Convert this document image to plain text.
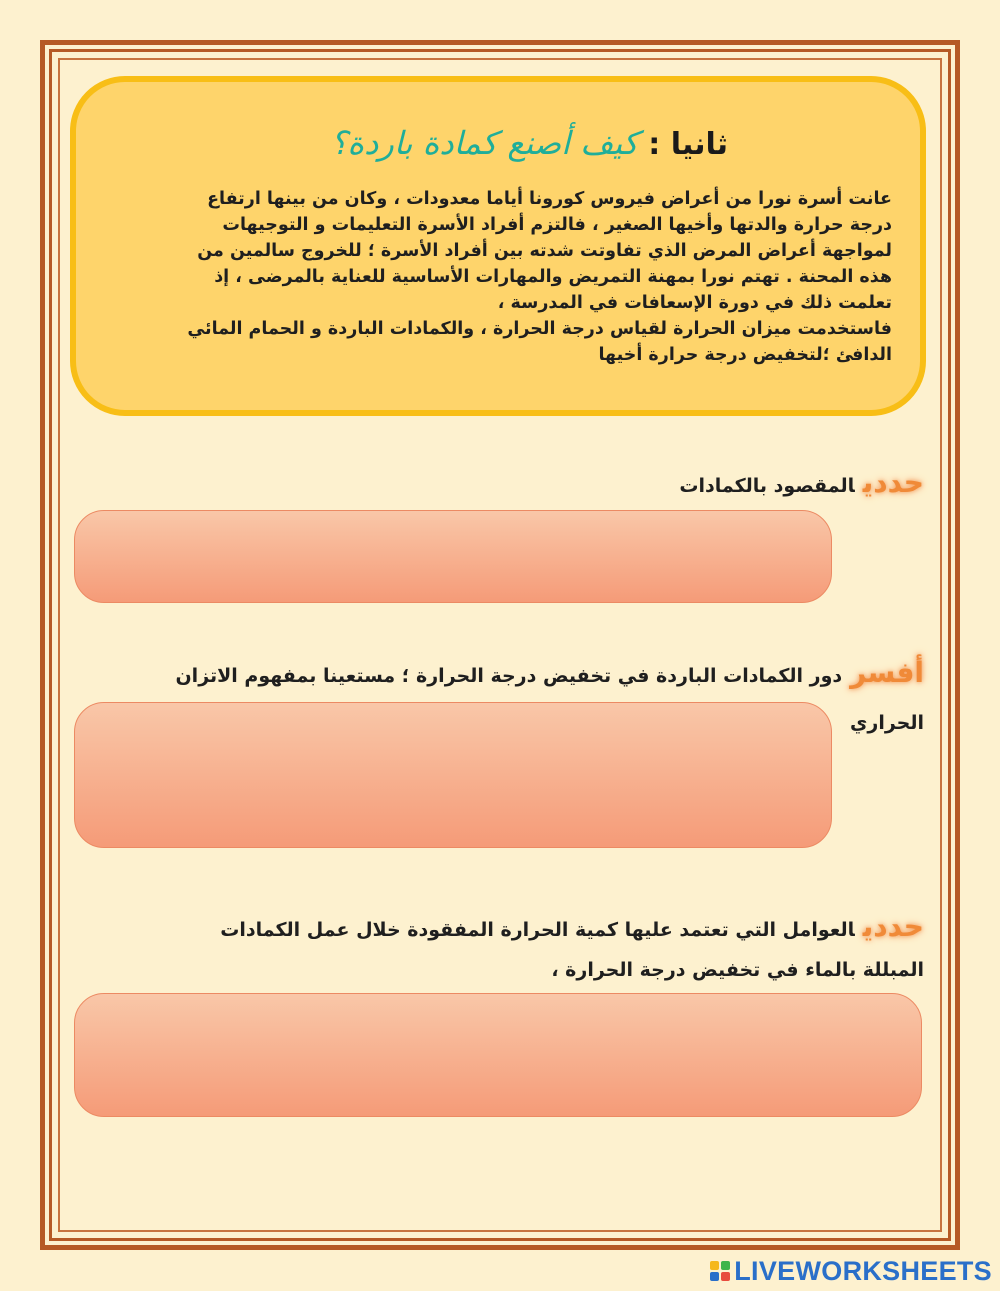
ثانيا :كيف أصنع كمادة باردة؟
عانت أسرة نورا من أعراض فيروس كورونا أياما معدودات ، وكان من بينها ارتفاع
درجة حرارة والدتها وأخيها الصغير ، فالتزم أفراد الأسرة التعليمات و التوجيهات
لمواجهة أعراض المرض الذي تفاوتت شدته بين أفراد الأسرة ؛ للخروج سالمين من
هذه المحنة . تهتم نورا بمهنة التمريض والمهارات الأساسية للعناية بالمرضى ، إذ
تعلمت ذلك في دورة الإسعافات في المدرسة ،
فاستخدمت ميزان الحرارة لقياس درجة الحرارة ، والكمادات الباردة و الحمام المائي
الدافئ ؛لتخفيض درجة حرارة أخيها
حدديالمقصود بالكمادات
أفسردور الكمادات الباردة في تخفيض درجة الحرارة ؛ مستعينا بمفهوم الاتزان
الحراري
حدديالعوامل التي تعتمد عليها كمية الحرارة المفقودة خلال عمل الكمادات
المبللة بالماء في تخفيض درجة الحرارة ،
LIVEWORKSHEETS
